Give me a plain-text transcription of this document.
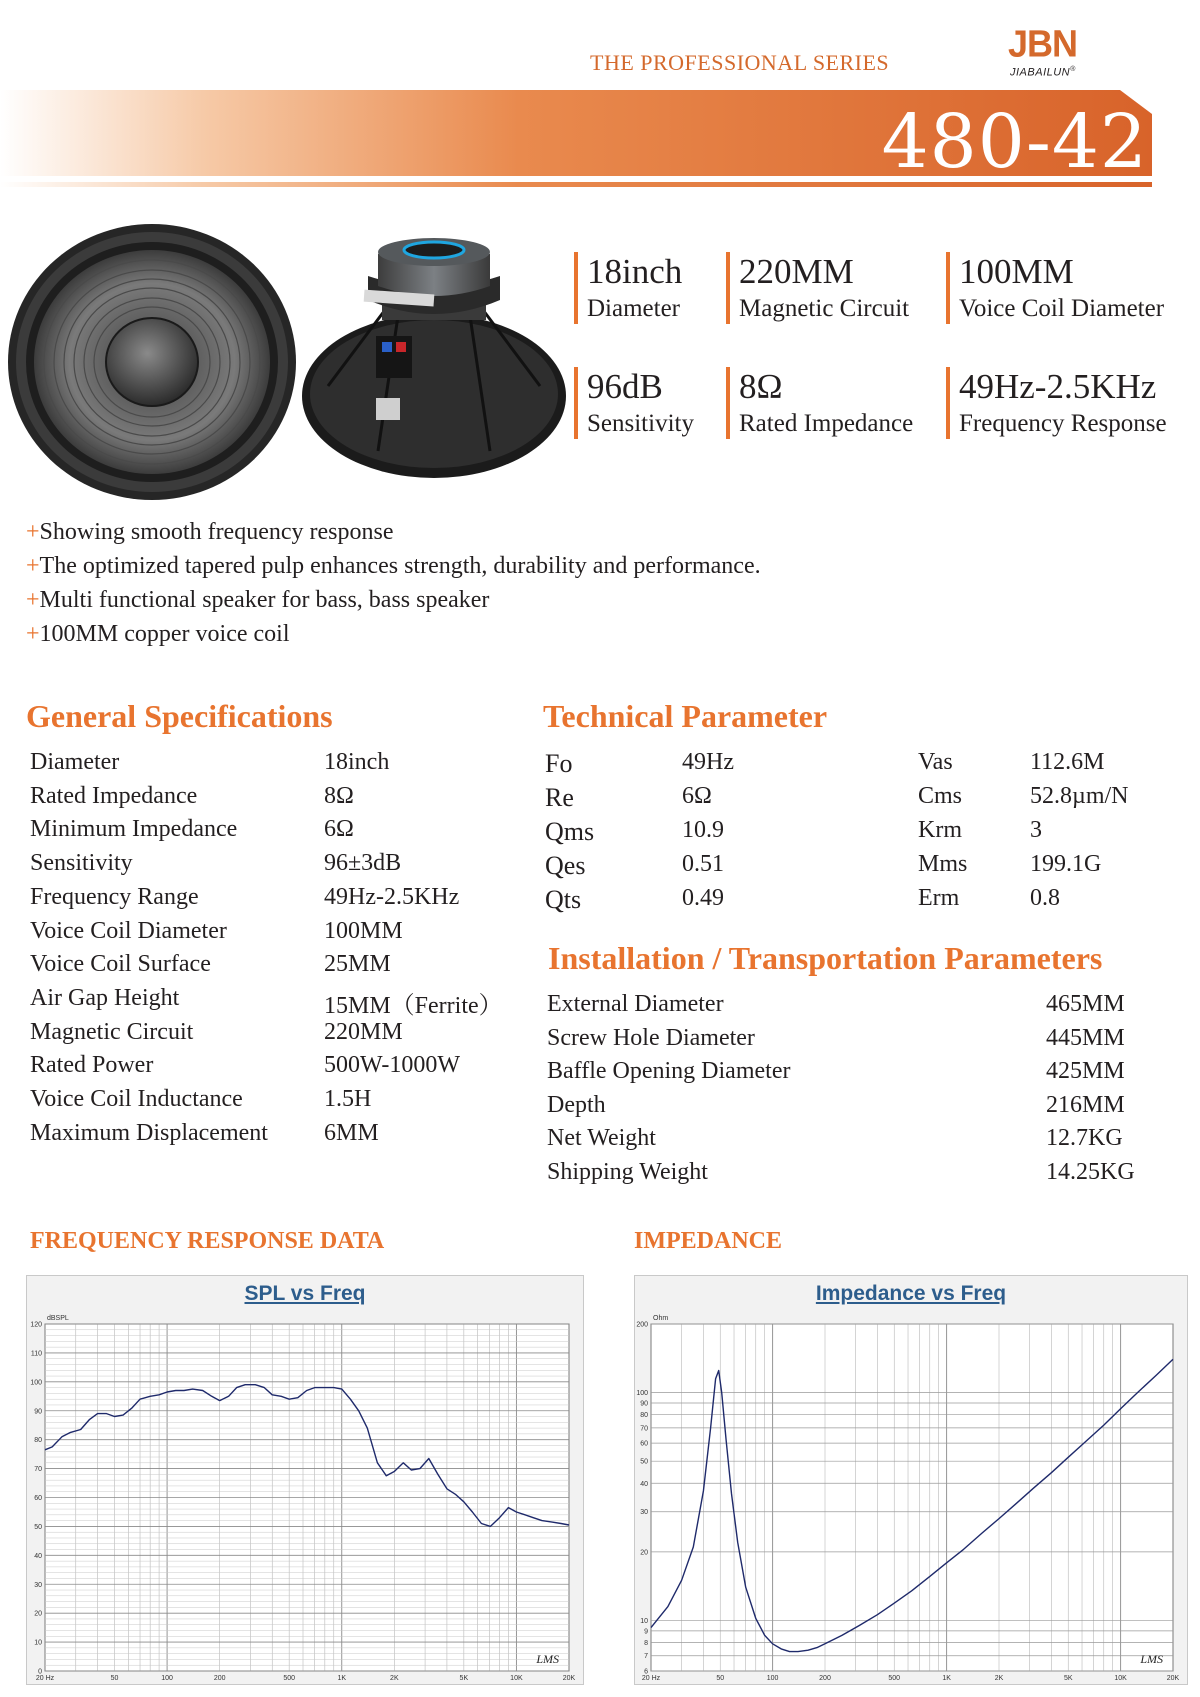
THE PROFESSIONAL SERIES	JBN
JIABAILUN®
480-42
18inch
Diameter
220MM
Magnetic Circuit
100MM
Voice Coil Diameter
96dB
Sensitivity
8Ω
Rated Impedance
49Hz-2.5KHz
Frequency Response
+Showing smooth frequency response
+The optimized tapered pulp enhances strength, durability and performance.
+Multi functional speaker for bass, bass speaker
+100MM copper voice coil
General Specifications
Diameter	18inch
Rated Impedance	8Ω
Minimum Impedance	6Ω
Sensitivity	96±3dB
Frequency Range	49Hz-2.5KHz
Voice Coil Diameter	100MM
Voice Coil Surface	25MM
Air Gap Height	15MM（Ferrite）
Magnetic Circuit	220MM
Rated Power	500W-1000W
Voice Coil Inductance	1.5H
Maximum Displacement 6MM
Technical Parameter
Fo	49Hz	Vas	112.6M
Re	6Ω	Cms	52.8µm/N
Qms	10.9	Krm	3
Qes	0.51	Mms	199.1G
Qts	0.49	Erm	0.8
Installation / Transportation Parameters
External Diameter	465MM
Screw Hole Diameter	445MM
Baffle Opening Diameter	425MM
Depth	216MM
Net Weight	12.7KG
Shipping Weight	14.25KG
FREQUENCY RESPONSE DATA	IMPEDANCE
SPL vs Freq
0
10
20
30
40
50
60
70
80
90
100
110
120
dBSPL
20 Hz	50	100	200	500	1K	2K	5K	10K	20K
LMS
Impedance vs Freq
6
7
8
9
10
20
30
40
50
60
70
80
90
100
200
Ohm
20 Hz	50	100	200	500	1K	2K	5K	10K	20K
LMS
